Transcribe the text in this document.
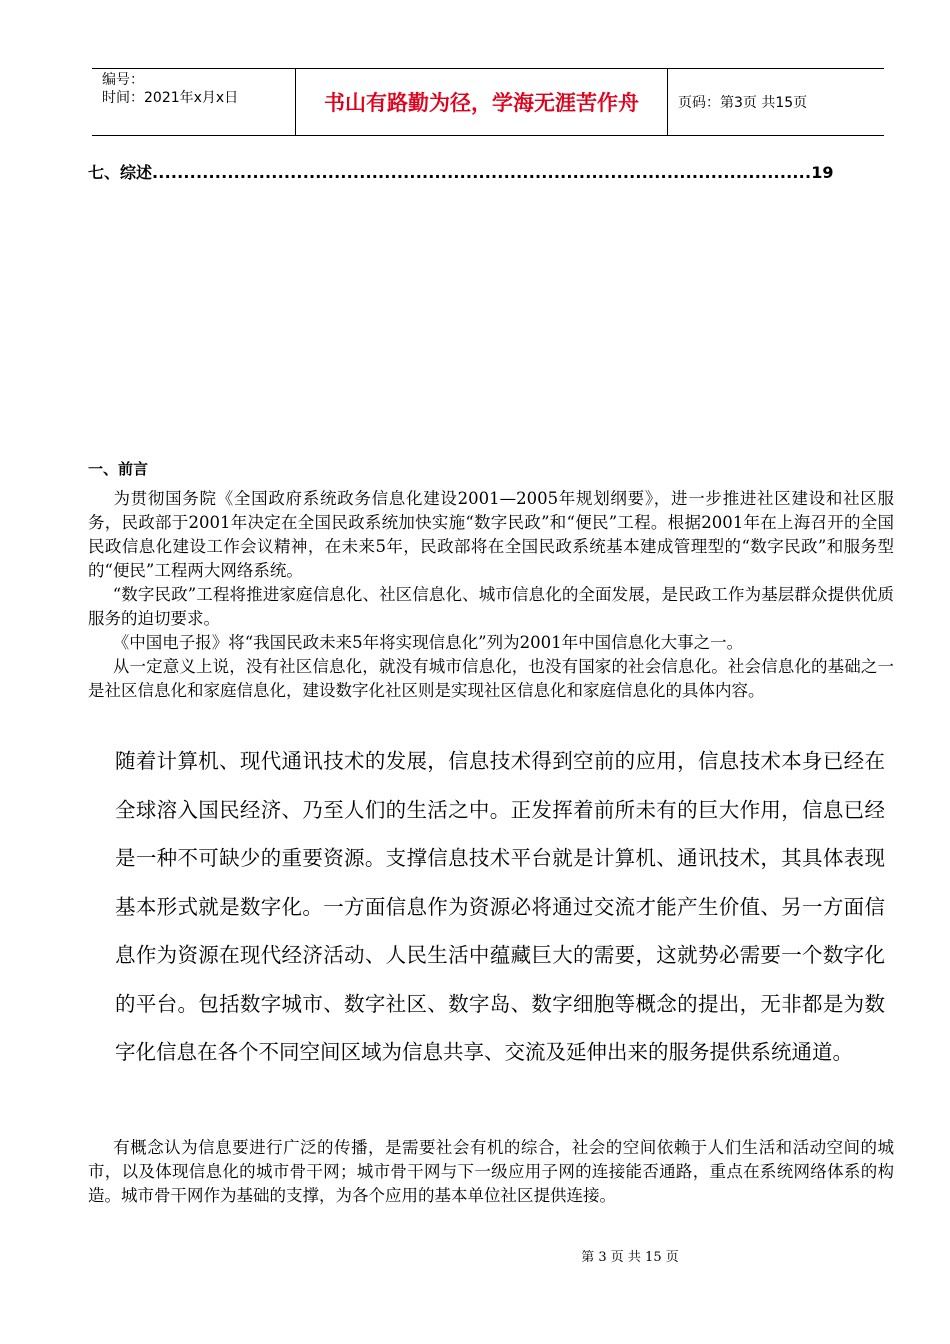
编号：
时间：2021年x月x日	书山有路勤为径，学海无涯苦作舟	页码：第3页 共15页
七、综述.........................................................................................................19
一、前言

  为贯彻国务院《全国政府系统政务信息化建设2001—2005年规划纲要》，进一步推进社区建设和社区服务，民政部于2001年决定在全国民政系统加快实施“数字民政”和“便民”工程。根据2001年在上海召开的全国民政信息化建设工作会议精神，在未来5年，民政部将在全国民政系统基本建成管理型的“数字民政”和服务型的“便民”工程两大网络系统。

  “数字民政”工程将推进家庭信息化、社区信息化、城市信息化的全面发展，是民政工作为基层群众提供优质服务的迫切要求。

  《中国电子报》将“我国民政未来5年将实现信息化”列为2001年中国信息化大事之一。

  从一定意义上说，没有社区信息化，就没有城市信息化，也没有国家的社会信息化。社会信息化的基础之一是社区信息化和家庭信息化，建设数字化社区则是实现社区信息化和家庭信息化的具体内容。

随着计算机、现代通讯技术的发展，信息技术得到空前的应用，信息技术本身已经在全球溶入国民经济、乃至人们的生活之中。正发挥着前所未有的巨大作用，信息已经是一种不可缺少的重要资源。支撑信息技术平台就是计算机、通讯技术，其具体表现基本形式就是数字化。一方面信息作为资源必将通过交流才能产生价值、另一方面信息作为资源在现代经济活动、人民生活中蕴藏巨大的需要，这就势必需要一个数字化的平台。包括数字城市、数字社区、数字岛、数字细胞等概念的提出，无非都是为数字化信息在各个不同空间区域为信息共享、交流及延伸出来的服务提供系统通道。

  有概念认为信息要进行广泛的传播，是需要社会有机的综合，社会的空间依赖于人们生活和活动空间的城市，以及体现信息化的城市骨干网；城市骨干网与下一级应用子网的连接能否通路，重点在系统网络体系的构造。城市骨干网作为基础的支撑，为各个应用的基本单位社区提供连接。

第 3 页 共 15 页
